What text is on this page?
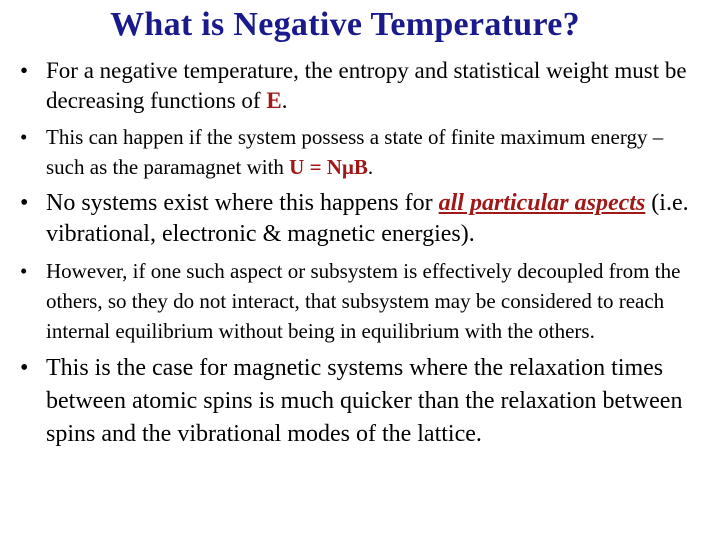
What is Negative Temperature?
• For a negative temperature, the entropy and statistical weight must be decreasing functions of E.
• This can happen if the system possess a state of finite maximum energy – such as the paramagnet with U = NμB.
• No systems exist where this happens for all particular aspects (i.e. vibrational, electronic & magnetic energies).
• However, if one such aspect or subsystem is effectively decoupled from the others, so they do not interact, that subsystem may be considered to reach internal equilibrium without being in equilibrium with the others.
• This is the case for magnetic systems where the relaxation times between atomic spins is much quicker than the relaxation between spins and the vibrational modes of the lattice.
